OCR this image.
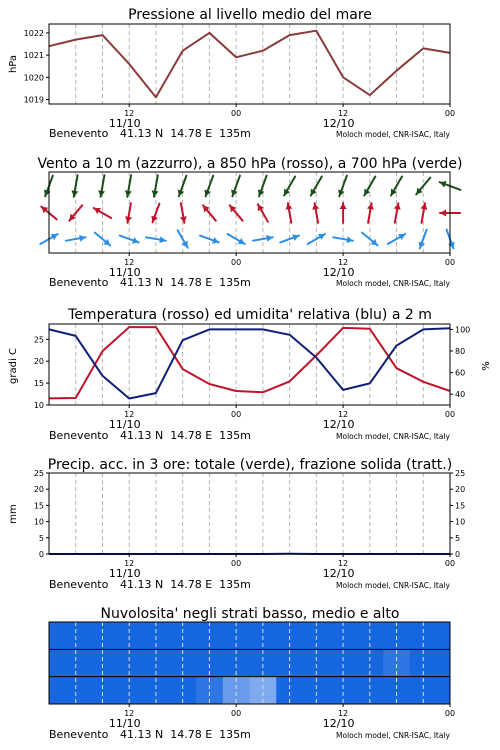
Pressione al livello medio del mare
hPa
1019
1020
1021
1022
12	00	12	00
11/10	12/10
Benevento 41.13 N  14.78 E  135m	Moloch model, CNR-ISAC, Italy
Vento a 10 m (azzurro), a 850 hPa (rosso), a 700 hPa (verde)
12	00	12	00
11/10	12/10
Benevento 41.13 N  14.78 E  135m	Moloch model, CNR-ISAC, Italy
Temperatura (rosso) ed umidita' relativa (blu) a 2 m
gradi C	%
10
15
20
25
40
60
80
100
12	00	12	00
11/10	12/10
Benevento 41.13 N  14.78 E  135m	Moloch model, CNR-ISAC, Italy
Precip. acc. in 3 ore: totale (verde), frazione solida (tratt.)
mm
0
5
10
15
20
25
0
5
10
15
20
25
12	00	12	00
11/10	12/10
Benevento 41.13 N  14.78 E  135m	Moloch model, CNR-ISAC, Italy
Nuvolosita' negli strati basso, medio e alto
12	00	12	00
11/10	12/10
Benevento 41.13 N  14.78 E  135m	Moloch model, CNR-ISAC, Italy
